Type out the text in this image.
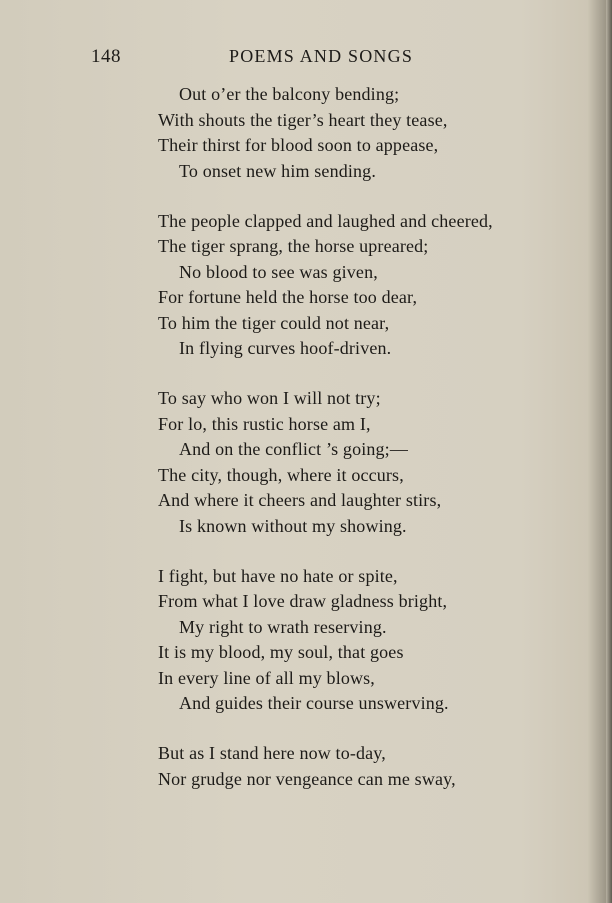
148	POEMS AND SONGS
Out o’er the balcony bending;
With shouts the tiger’s heart they tease,
Their thirst for blood soon to appease,
To onset new him sending.
The people clapped and laughed and cheered,
The tiger sprang, the horse upreared;
No blood to see was given,
For fortune held the horse too dear,
To him the tiger could not near,
In flying curves hoof-driven.
To say who won I will not try;
For lo, this rustic horse am I,
And on the conflict ’s going;—
The city, though, where it occurs,
And where it cheers and laughter stirs,
Is known without my showing.
I fight, but have no hate or spite,
From what I love draw gladness bright,
My right to wrath reserving.
It is my blood, my soul, that goes
In every line of all my blows,
And guides their course unswerving.
But as I stand here now to-day,
Nor grudge nor vengeance can me sway,
